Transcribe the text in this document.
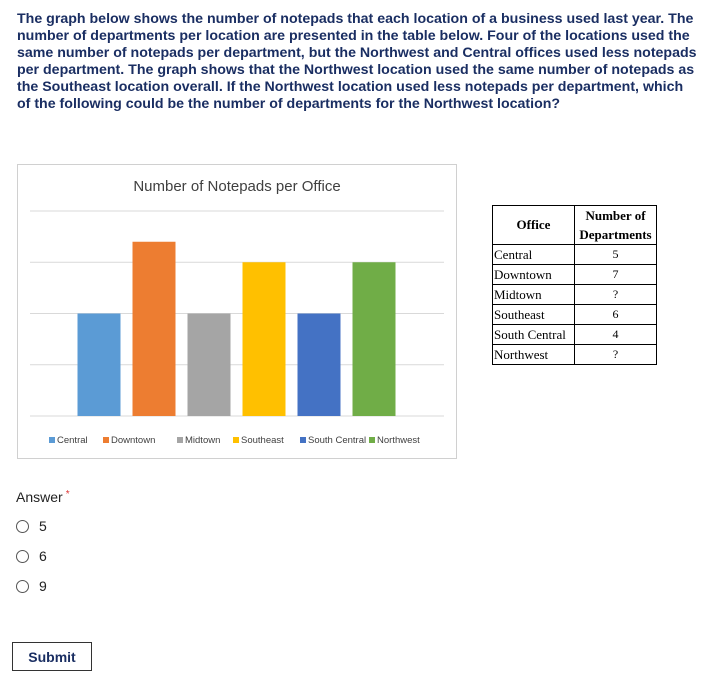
The graph below shows the number of notepads that each location of a business used last year. The number of departments per location are presented in the table below. Four of the locations used the same number of notepads per department, but the Northwest and Central offices used less notepads per department. The graph shows that the Northwest location used the same number of notepads as the Southeast location overall. If the Northwest location used less notepads per department, which of the following could be the number of departments for the Northwest location?

Number of Notepads per Office
Central Downtown	Midtown Southeast	South Central Northwest
Office	Number of
Departments
Central	5
Downtown	7
Midtown	?
Southeast	6
South Central	4
Northwest	?
Answer *
5
6
9
Submit
